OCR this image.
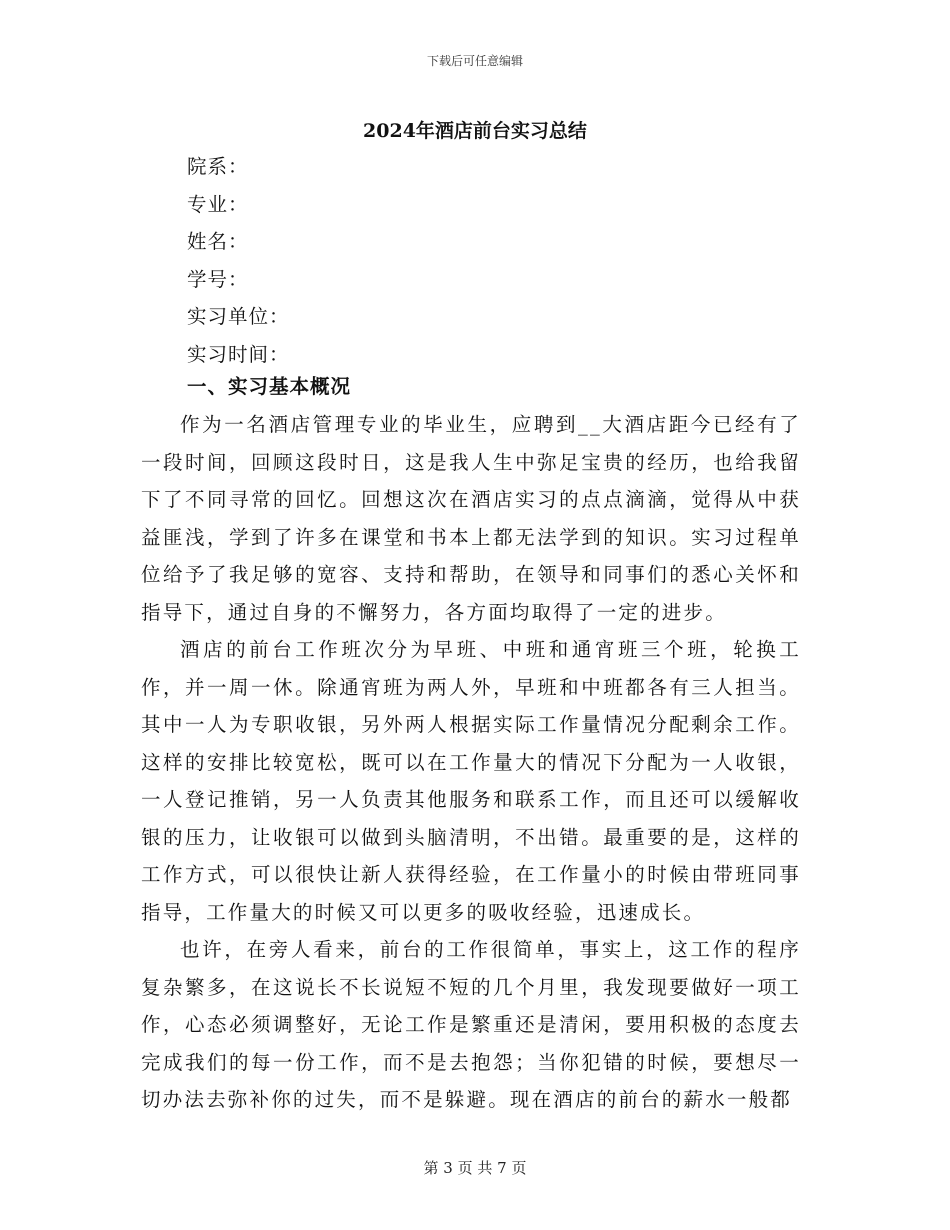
下载后可任意编辑
2024年酒店前台实习总结
院系：
专业：
姓名：
学号：
实习单位：
实习时间：
一、实习基本概况

作为一名酒店管理专业的毕业生，应聘到__大酒店距今已经有了一段时间，回顾这段时日，这是我人生中弥足宝贵的经历，也给我留下了不同寻常的回忆。回想这次在酒店实习的点点滴滴，觉得从中获益匪浅，学到了许多在课堂和书本上都无法学到的知识。实习过程单位给予了我足够的宽容、支持和帮助，在领导和同事们的悉心关怀和指导下，通过自身的不懈努力，各方面均取得了一定的进步。

酒店的前台工作班次分为早班、中班和通宵班三个班，轮换工作，并一周一休。除通宵班为两人外，早班和中班都各有三人担当。其中一人为专职收银，另外两人根据实际工作量情况分配剩余工作。这样的安排比较宽松，既可以在工作量大的情况下分配为一人收银，一人登记推销，另一人负责其他服务和联系工作，而且还可以缓解收银的压力，让收银可以做到头脑清明，不出错。最重要的是，这样的工作方式，可以很快让新人获得经验，在工作量小的时候由带班同事指导，工作量大的时候又可以更多的吸收经验，迅速成长。

也许，在旁人看来，前台的工作很简单，事实上，这工作的程序复杂繁多，在这说长不长说短不短的几个月里，我发现要做好一项工作，心态必须调整好，无论工作是繁重还是清闲，要用积极的态度去完成我们的每一份工作，而不是去抱怨；当你犯错的时候，要想尽一切办法去弥补你的过失，而不是躲避。现在酒店的前台的薪水一般都

第 3 页 共 7 页
